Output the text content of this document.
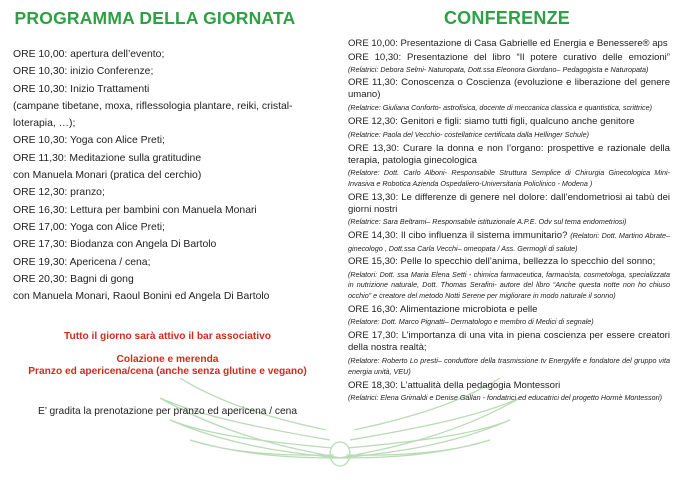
PROGRAMMA DELLA GIORNATA
ORE 10,00: apertura dell’evento;
ORE 10,30: inizio Conferenze;
ORE 10,30: Inizio Trattamenti
(campane tibetane, moxa, riflessologia plantare, reiki, cristal-
loterapia, …);
ORE 10,30: Yoga con Alice Preti;
ORE 11,30: Meditazione sulla gratitudine
con Manuela Monari (pratica del cerchio)
ORE 12,30: pranzo;
ORE 16,30: Lettura per bambini con Manuela Monari
ORE 17,00: Yoga con Alice Preti;
ORE 17,30: Biodanza con Angela Di Bartolo
ORE 19,30: Apericena / cena;
ORE 20,30: Bagni di gong
con Manuela Monari, Raoul Bonini ed Angela Di Bartolo
Tutto il giorno sarà attivo il bar associativo
Colazione e merenda
Pranzo ed apericena/cena (anche senza glutine e vegano)
E’ gradita la prenotazione per pranzo ed apericena / cena
CONFERENZE
ORE 10,00: Presentazione di Casa Gabrielle ed Energia e Benessere® aps
ORE 10,30: Presentazione del libro “Il potere curativo delle emozioni” (Relatrici: Debora Selmi- Naturopata, Dott.ssa Eleonora Giordano– Pedagogista e Naturopata)
ORE 11,30: Conoscenza o Coscienza (evoluzione e liberazione del genere umano)
(Relatrice: Giuliana Conforto- astrofisica, docente di meccanica classica e quantistica, scrittrice)
ORE 12,30: Genitori e figli: siamo tutti figli, qualcuno anche genitore
(Relatrice: Paola del Vecchio- costellatrice certificata dalla Hellinger Schule)
ORE 13,30: Curare la donna e non l’organo: prospettive e razionale della terapia, patologia ginecologica
(Relatore: Dott. Carlo Alboni- Responsabile Struttura Semplice di Chirurgia Ginecologica Mini-Invasiva e Robotica Azienda Ospedaliero-Universitaria Policlinico - Modena )
ORE 13,30: Le differenze di genere nel dolore: dall’endometriosi ai tabù dei giorni nostri
(Relatrice: Sara Beltrami– Responsabile istituzionale A.P.E. Odv sul tema endometriosi)
ORE 14,30: Il cibo influenza il sistema immunitario? (Relatori: Dott. Martino Abrate– ginecologo , Dott.ssa Carla Vecchi– omeopata / Ass. Germogli di salute)
ORE 15,30: Pelle lo specchio dell’anima, bellezza lo specchio del sonno;
(Relatori: Dott. ssa Maria Elena Setti - chimica farmaceutica, farmacista, cosmetologa, specializzata in nutrizione naturale, Dott. Thomas Serafini- autore del libro “Anche questa notte non ho chiuso occhio” e creatore del metodo Notti Serene per migliorare in modo naturale il sonno)
ORE 16,30: Alimentazione microbiota e pelle
(Relatore: Dott. Marco Pignatti– Dermatologo e membro di Medici di segnale)
ORE 17,30: L’importanza di una vita in piena coscienza per essere creatori della nostra realtà;
(Relatore: Roberto Lo presti– conduttore della trasmissione tv Energylife e fondatore del gruppo vita energia unità, VEU)
ORE 18,30: L’attualità della pedagogia Montessori
(Relatrici: Elena Grimaldi e Denise Gallan - fondatrici ed educatrici del progetto Hormè Montessori)
